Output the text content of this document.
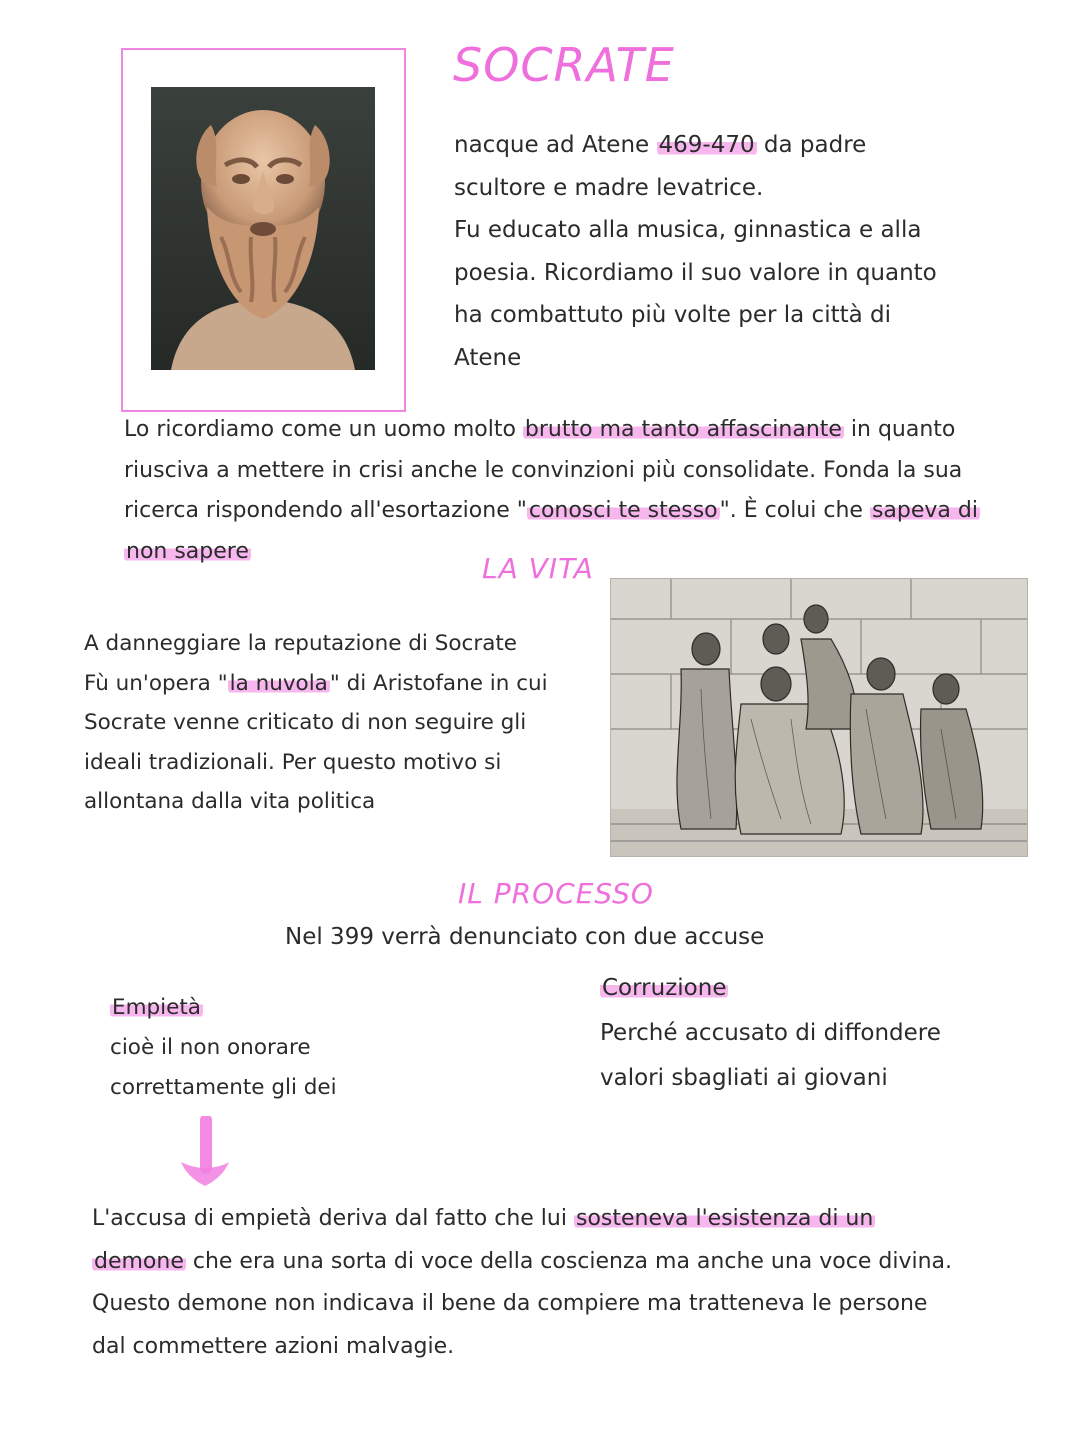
SOCRATE
nacque ad Atene 469-470 da padre
scultore e madre levatrice.
Fu educato alla musica, ginnastica e alla
poesia. Ricordiamo il suo valore in quanto
ha combattuto più volte per la città di
Atene
Lo ricordiamo come un uomo molto brutto ma tanto affascinante in quanto
riusciva a mettere in crisi anche le convinzioni più consolidate. Fonda la sua
ricerca rispondendo all'esortazione "conosci te stesso". È colui che sapeva di
non sapere
LA VITA
A danneggiare la reputazione di Socrate
Fù un'opera "la nuvola" di Aristofane in cui
Socrate venne criticato di non seguire gli
ideali tradizionali. Per questo motivo si
allontana dalla vita politica
IL PROCESSO
Nel 399 verrà denunciato con due accuse
Empietà
cioè il non onorare
correttamente gli dei
Corruzione
Perché accusato di diffondere
valori sbagliati ai giovani
L'accusa di empietà deriva dal fatto che lui sosteneva l'esistenza di un
demone che era una sorta di voce della coscienza ma anche una voce divina.
Questo demone non indicava il bene da compiere ma tratteneva le persone
dal commettere azioni malvagie.
